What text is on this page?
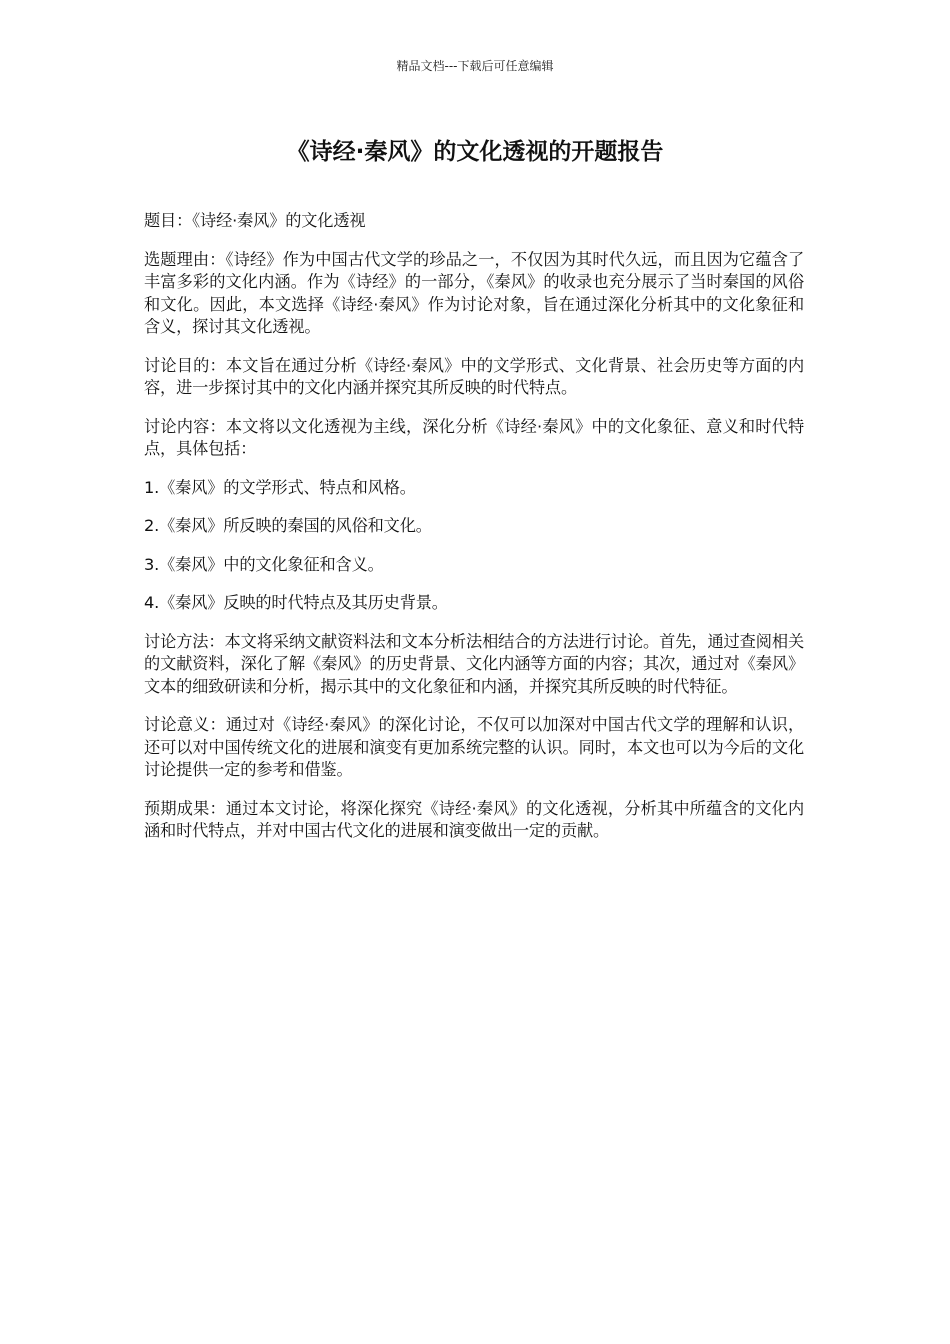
精品文档---下载后可任意编辑
《诗经·秦风》的文化透视的开题报告

题目：《诗经·秦风》的文化透视

选题理由：《诗经》作为中国古代文学的珍品之一，不仅因为其时代久远，而且因为它蕴含了丰富多彩的文化内涵。作为《诗经》的一部分，《秦风》的收录也充分展示了当时秦国的风俗和文化。因此，本文选择《诗经·秦风》作为讨论对象，旨在通过深化分析其中的文化象征和含义，探讨其文化透视。

讨论目的：本文旨在通过分析《诗经·秦风》中的文学形式、文化背景、社会历史等方面的内容，进一步探讨其中的文化内涵并探究其所反映的时代特点。

讨论内容：本文将以文化透视为主线，深化分析《诗经·秦风》中的文化象征、意义和时代特点，具体包括：

1.《秦风》的文学形式、特点和风格。

2.《秦风》所反映的秦国的风俗和文化。

3.《秦风》中的文化象征和含义。

4.《秦风》反映的时代特点及其历史背景。

讨论方法：本文将采纳文献资料法和文本分析法相结合的方法进行讨论。首先，通过查阅相关的文献资料，深化了解《秦风》的历史背景、文化内涵等方面的内容；其次，通过对《秦风》文本的细致研读和分析，揭示其中的文化象征和内涵，并探究其所反映的时代特征。

讨论意义：通过对《诗经·秦风》的深化讨论，不仅可以加深对中国古代文学的理解和认识，还可以对中国传统文化的进展和演变有更加系统完整的认识。同时，本文也可以为今后的文化讨论提供一定的参考和借鉴。

预期成果：通过本文讨论，将深化探究《诗经·秦风》的文化透视，分析其中所蕴含的文化内涵和时代特点，并对中国古代文化的进展和演变做出一定的贡献。
